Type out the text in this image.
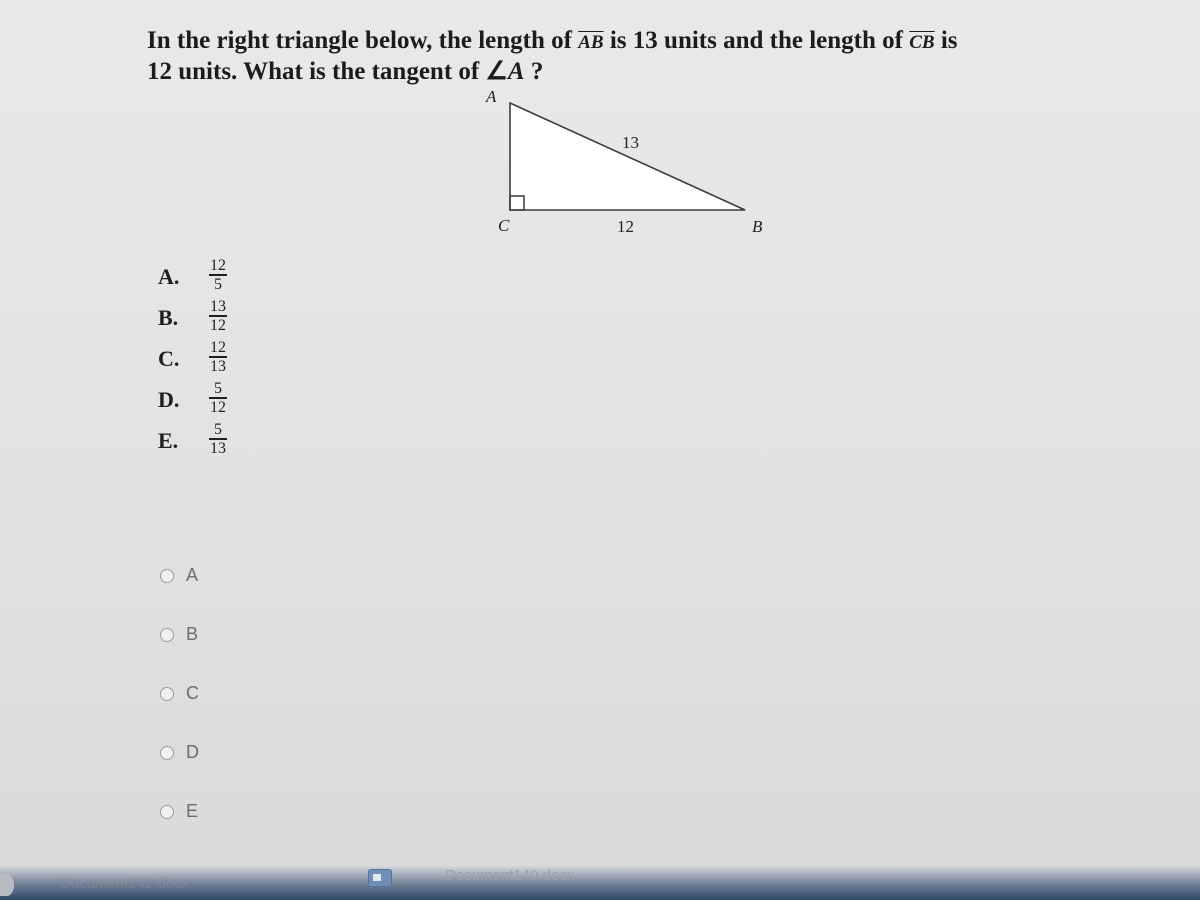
In the right triangle below, the length of $\overline{AB}$ is 13 units and the length of $\overline{CB}$ is

12 units. What is the tangent of ∠A ?

A
C	B
13
12
A.	12
5
B.	13
12
C.	12
13
D.	5
12
E.	5
13
A
B
C
D
E
Document142.docx	Document140.docx
